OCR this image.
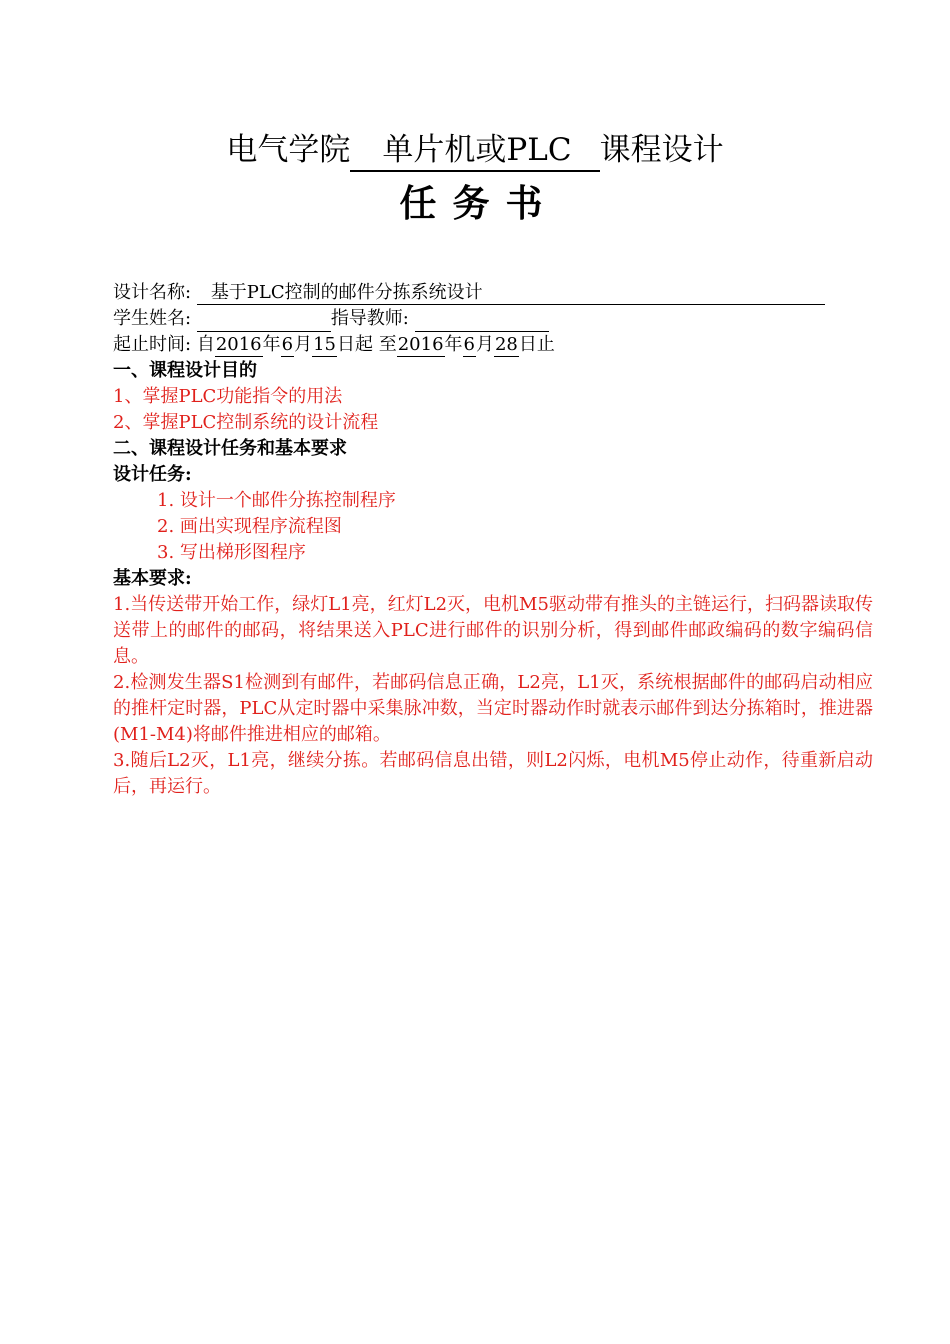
电气学院 单片机或PLC 课程设计
任务书
设计名称: 基于PLC控制的邮件分拣系统设计
学生姓名:	指导教师:
起止时间: 自2016年6月15日起 至2016年6月28日止
一、课程设计目的
1、掌握PLC功能指令的用法
2、掌握PLC控制系统的设计流程
二、课程设计任务和基本要求
设计任务:
1. 设计一个邮件分拣控制程序
2. 画出实现程序流程图
3. 写出梯形图程序
基本要求:
1.当传送带开始工作，绿灯L1亮，红灯L2灭，电机M5驱动带有推头的主链运行，扫码器读取传送带上的邮件的邮码，将结果送入PLC进行邮件的识别分析，得到邮件邮政编码的数字编码信息。
2.检测发生器S1检测到有邮件，若邮码信息正确，L2亮，L1灭，系统根据邮件的邮码启动相应的推杆定时器，PLC从定时器中采集脉冲数，当定时器动作时就表示邮件到达分拣箱时，推进器(M1-M4)将邮件推进相应的邮箱。
3.随后L2灭，L1亮，继续分拣。若邮码信息出错，则L2闪烁，电机M5停止动作，待重新启动后，再运行。
